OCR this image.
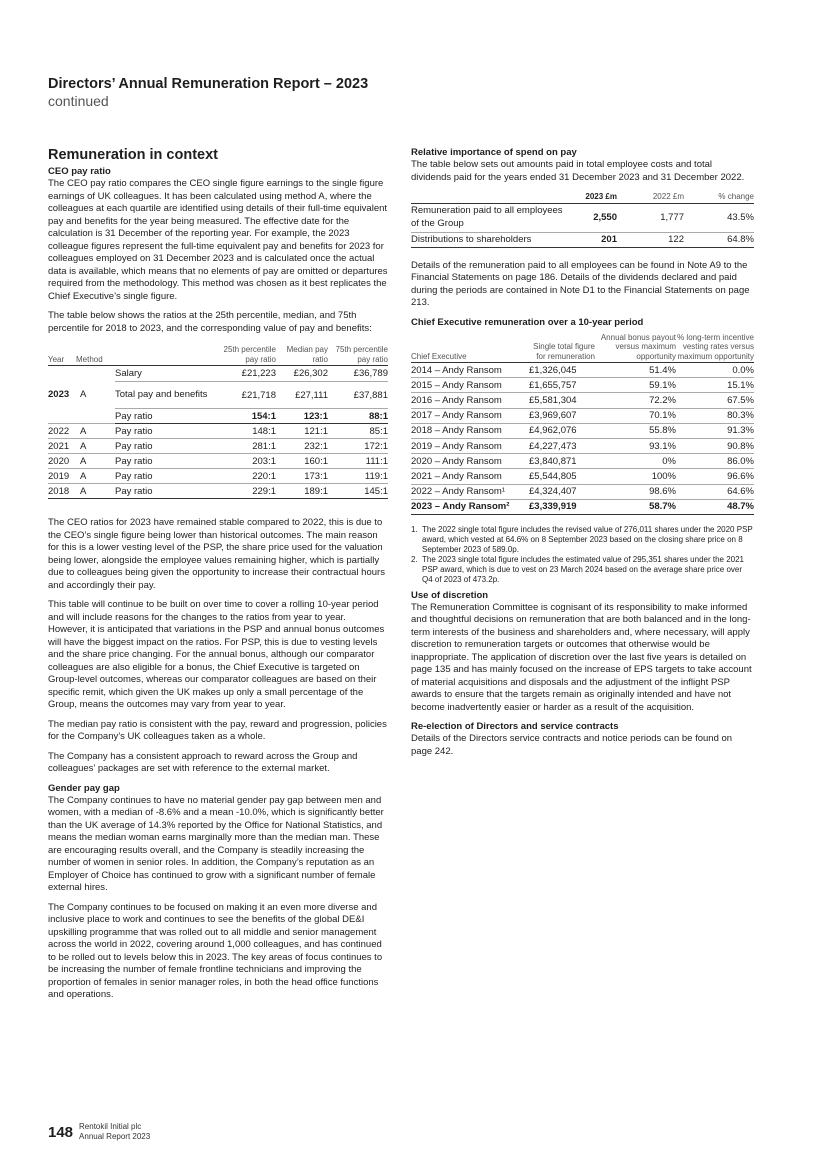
Directors’ Annual Remuneration Report – 2023
continued
Remuneration in context
CEO pay ratio

The CEO pay ratio compares the CEO single figure earnings to the single figure earnings of UK colleagues. It has been calculated using method A, where the colleagues at each quartile are identified using details of their full-time equivalent pay and benefits for the year being measured. The effective date for the calculation is 31 December of the reporting year. For example, the 2023 colleague figures represent the full-time equivalent pay and benefits for 2023 for colleagues employed on 31 December 2023 and is calculated once the actual data is available, which means that no elements of pay are omitted or departures required from the methodology. This method was chosen as it best replicates the Chief Executive’s single figure.

The table below shows the ratios at the 25th percentile, median, and 75th percentile for 2018 to 2023, and the corresponding value of pay and benefits:

Year	Method		25th percentile pay ratio	Median pay ratio	75th percentile pay ratio
2023	A	Salary	£21,223	£26,302	£36,789
		Total pay and benefits	£21,718	£27,111	£37,881
		Pay ratio	154:1	123:1	88:1
2022	A	Pay ratio	148:1	121:1	85:1
2021	A	Pay ratio	281:1	232:1	172:1
2020	A	Pay ratio	203:1	160:1	111:1
2019	A	Pay ratio	220:1	173:1	119:1
2018	A	Pay ratio	229:1	189:1	145:1

The CEO ratios for 2023 have remained stable compared to 2022, this is due to the CEO’s single figure being lower than historical outcomes. The main reason for this is a lower vesting level of the PSP, the share price used for the valuation being lower, alongside the employee values remaining higher, which is partially due to colleagues being given the opportunity to increase their contractual hours and accordingly their pay.

This table will continue to be built on over time to cover a rolling 10-year period and will include reasons for the changes to the ratios from year to year. However, it is anticipated that variations in the PSP and annual bonus outcomes will have the biggest impact on the ratios. For PSP, this is due to vesting levels and the share price changing. For the annual bonus, although our comparator colleagues are also eligible for a bonus, the Chief Executive is targeted on Group-level outcomes, whereas our comparator colleagues are based on their specific remit, which given the UK makes up only a small percentage of the Group, means the outcomes may vary from year to year.

The median pay ratio is consistent with the pay, reward and progression, policies for the Company’s UK colleagues taken as a whole.

The Company has a consistent approach to reward across the Group and colleagues’ packages are set with reference to the external market.

Gender pay gap

The Company continues to have no material gender pay gap between men and women, with a median of -8.6% and a mean -10.0%, which is significantly better than the UK average of 14.3% reported by the Office for National Statistics, and means the median woman earns marginally more than the median man. These are encouraging results overall, and the Company is steadily increasing the number of women in senior roles. In addition, the Company’s reputation as an Employer of Choice has continued to grow with a significant number of female external hires.

The Company continues to be focused on making it an even more diverse and inclusive place to work and continues to see the benefits of the global DE&I upskilling programme that was rolled out to all middle and senior management across the world in 2022, covering around 1,000 colleagues, and has continued to be rolled out to levels below this in 2023. The key areas of focus continues to be increasing the number of female frontline technicians and improving the proportion of females in senior manager roles, in both the head office functions and operations.

Relative importance of spend on pay

The table below sets out amounts paid in total employee costs and total dividends paid for the years ended 31 December 2023 and 31 December 2022.

	2023 £m	2022 £m	% change
Remuneration paid to all employees of the Group	2,550	1,777	43.5%
Distributions to shareholders	201	122	64.8%

Details of the remuneration paid to all employees can be found in Note A9 to the Financial Statements on page 186. Details of the dividends declared and paid during the periods are contained in Note D1 to the Financial Statements on page 213.

Chief Executive remuneration over a 10-year period
Chief Executive	Single total figure for remuneration	Annual bonus payout versus maximum opportunity	% long-term incentive vesting rates versus maximum opportunity
2014 – Andy Ransom	£1,326,045	51.4%	0.0%
2015 – Andy Ransom	£1,655,757	59.1%	15.1%
2016 – Andy Ransom	£5,581,304	72.2%	67.5%
2017 – Andy Ransom	£3,969,607	70.1%	80.3%
2018 – Andy Ransom	£4,962,076	55.8%	91.3%
2019 – Andy Ransom	£4,227,473	93.1%	90.8%
2020 – Andy Ransom	£3,840,871	0%	86.0%
2021 – Andy Ransom	£5,544,805	100%	96.6%
2022 – Andy Ransom¹	£4,324,407	98.6%	64.6%
2023 – Andy Ransom²	£3,339,919	58.7%	48.7%
1. The 2022 single total figure includes the revised value of 276,011 shares under the 2020 PSP award, which vested at 64.6% on 8 September 2023 based on the closing share price on 8 September 2023 of 589.0p.
2. The 2023 single total figure includes the estimated value of 295,351 shares under the 2021 PSP award, which is due to vest on 23 March 2024 based on the average share price over Q4 of 2023 of 473.2p.
Use of discretion

The Remuneration Committee is cognisant of its responsibility to make informed and thoughtful decisions on remuneration that are both balanced and in the long-term interests of the business and shareholders and, where necessary, will apply discretion to remuneration targets or outcomes that otherwise would be inappropriate. The application of discretion over the last five years is detailed on page 135 and has mainly focused on the increase of EPS targets to take account of material acquisitions and disposals and the adjustment of the inflight PSP awards to ensure that the targets remain as originally intended and have not become inadvertently easier or harder as a result of the acquisition.

Re-election of Directors and service contracts

Details of the Directors service contracts and notice periods can be found on page 242.

148 Rentokil Initial plc
Annual Report 2023
